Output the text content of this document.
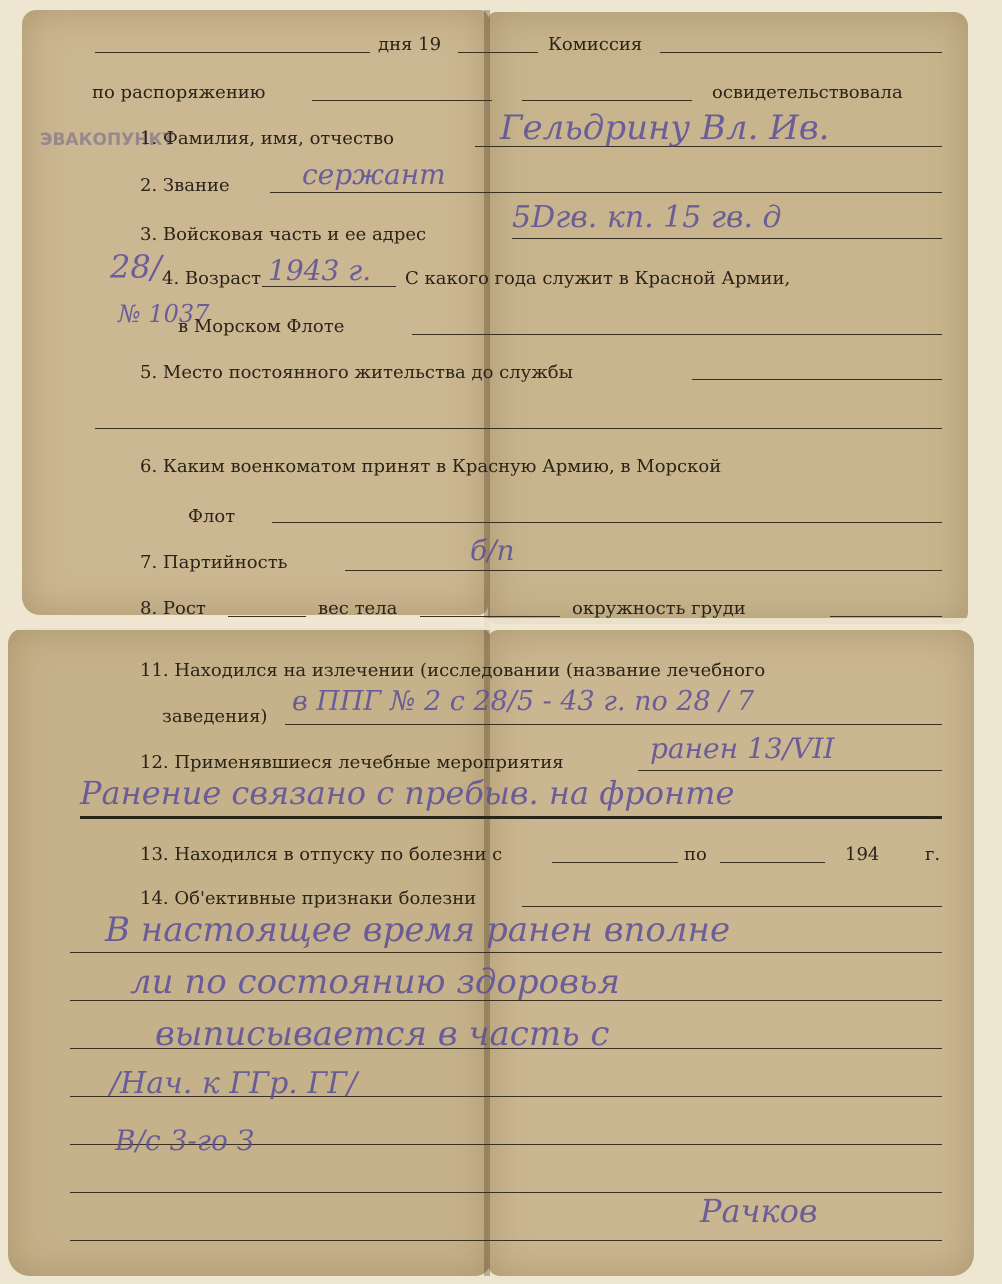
ЭВАКОПУНКТ
дня 19	Комиссия
по распоряжению	освидетельствовала
1. Фамилия, имя, отчество	Гельдрину Вл. Ив.
2. Звание	сержант
3. Войсковая часть и ее адрес	5Dгв. кп. 15 гв. д
28/
№ 1037
4. Возраст 1943 г. С какого года служит в Красной Армии,
в Морском Флоте
5. Место постоянного жительства до службы
6. Каким военкоматом принят в Красную Армию, в Морской
Флот
7. Партийность	б/п
8. Рост	вес тела	окружность груди
11. Находился на излечении (исследовании (название лечебного
заведения) в ППГ № 2 с 28/5 - 43 г. по 28 / 7
12. Применявшиеся лечебные мероприятия	ранен 13/VII
Ранение связано с пребыв. на фронте
13. Находился в отпуску по болезни с	по	194	г.
14. Об'ективные признаки болезни
В настоящее время ранен вполне
ли по состоянию здоровья
выписывается в часть с
/Нач. к ГГр. ГГ/
В/с 3-го З
Рачков
